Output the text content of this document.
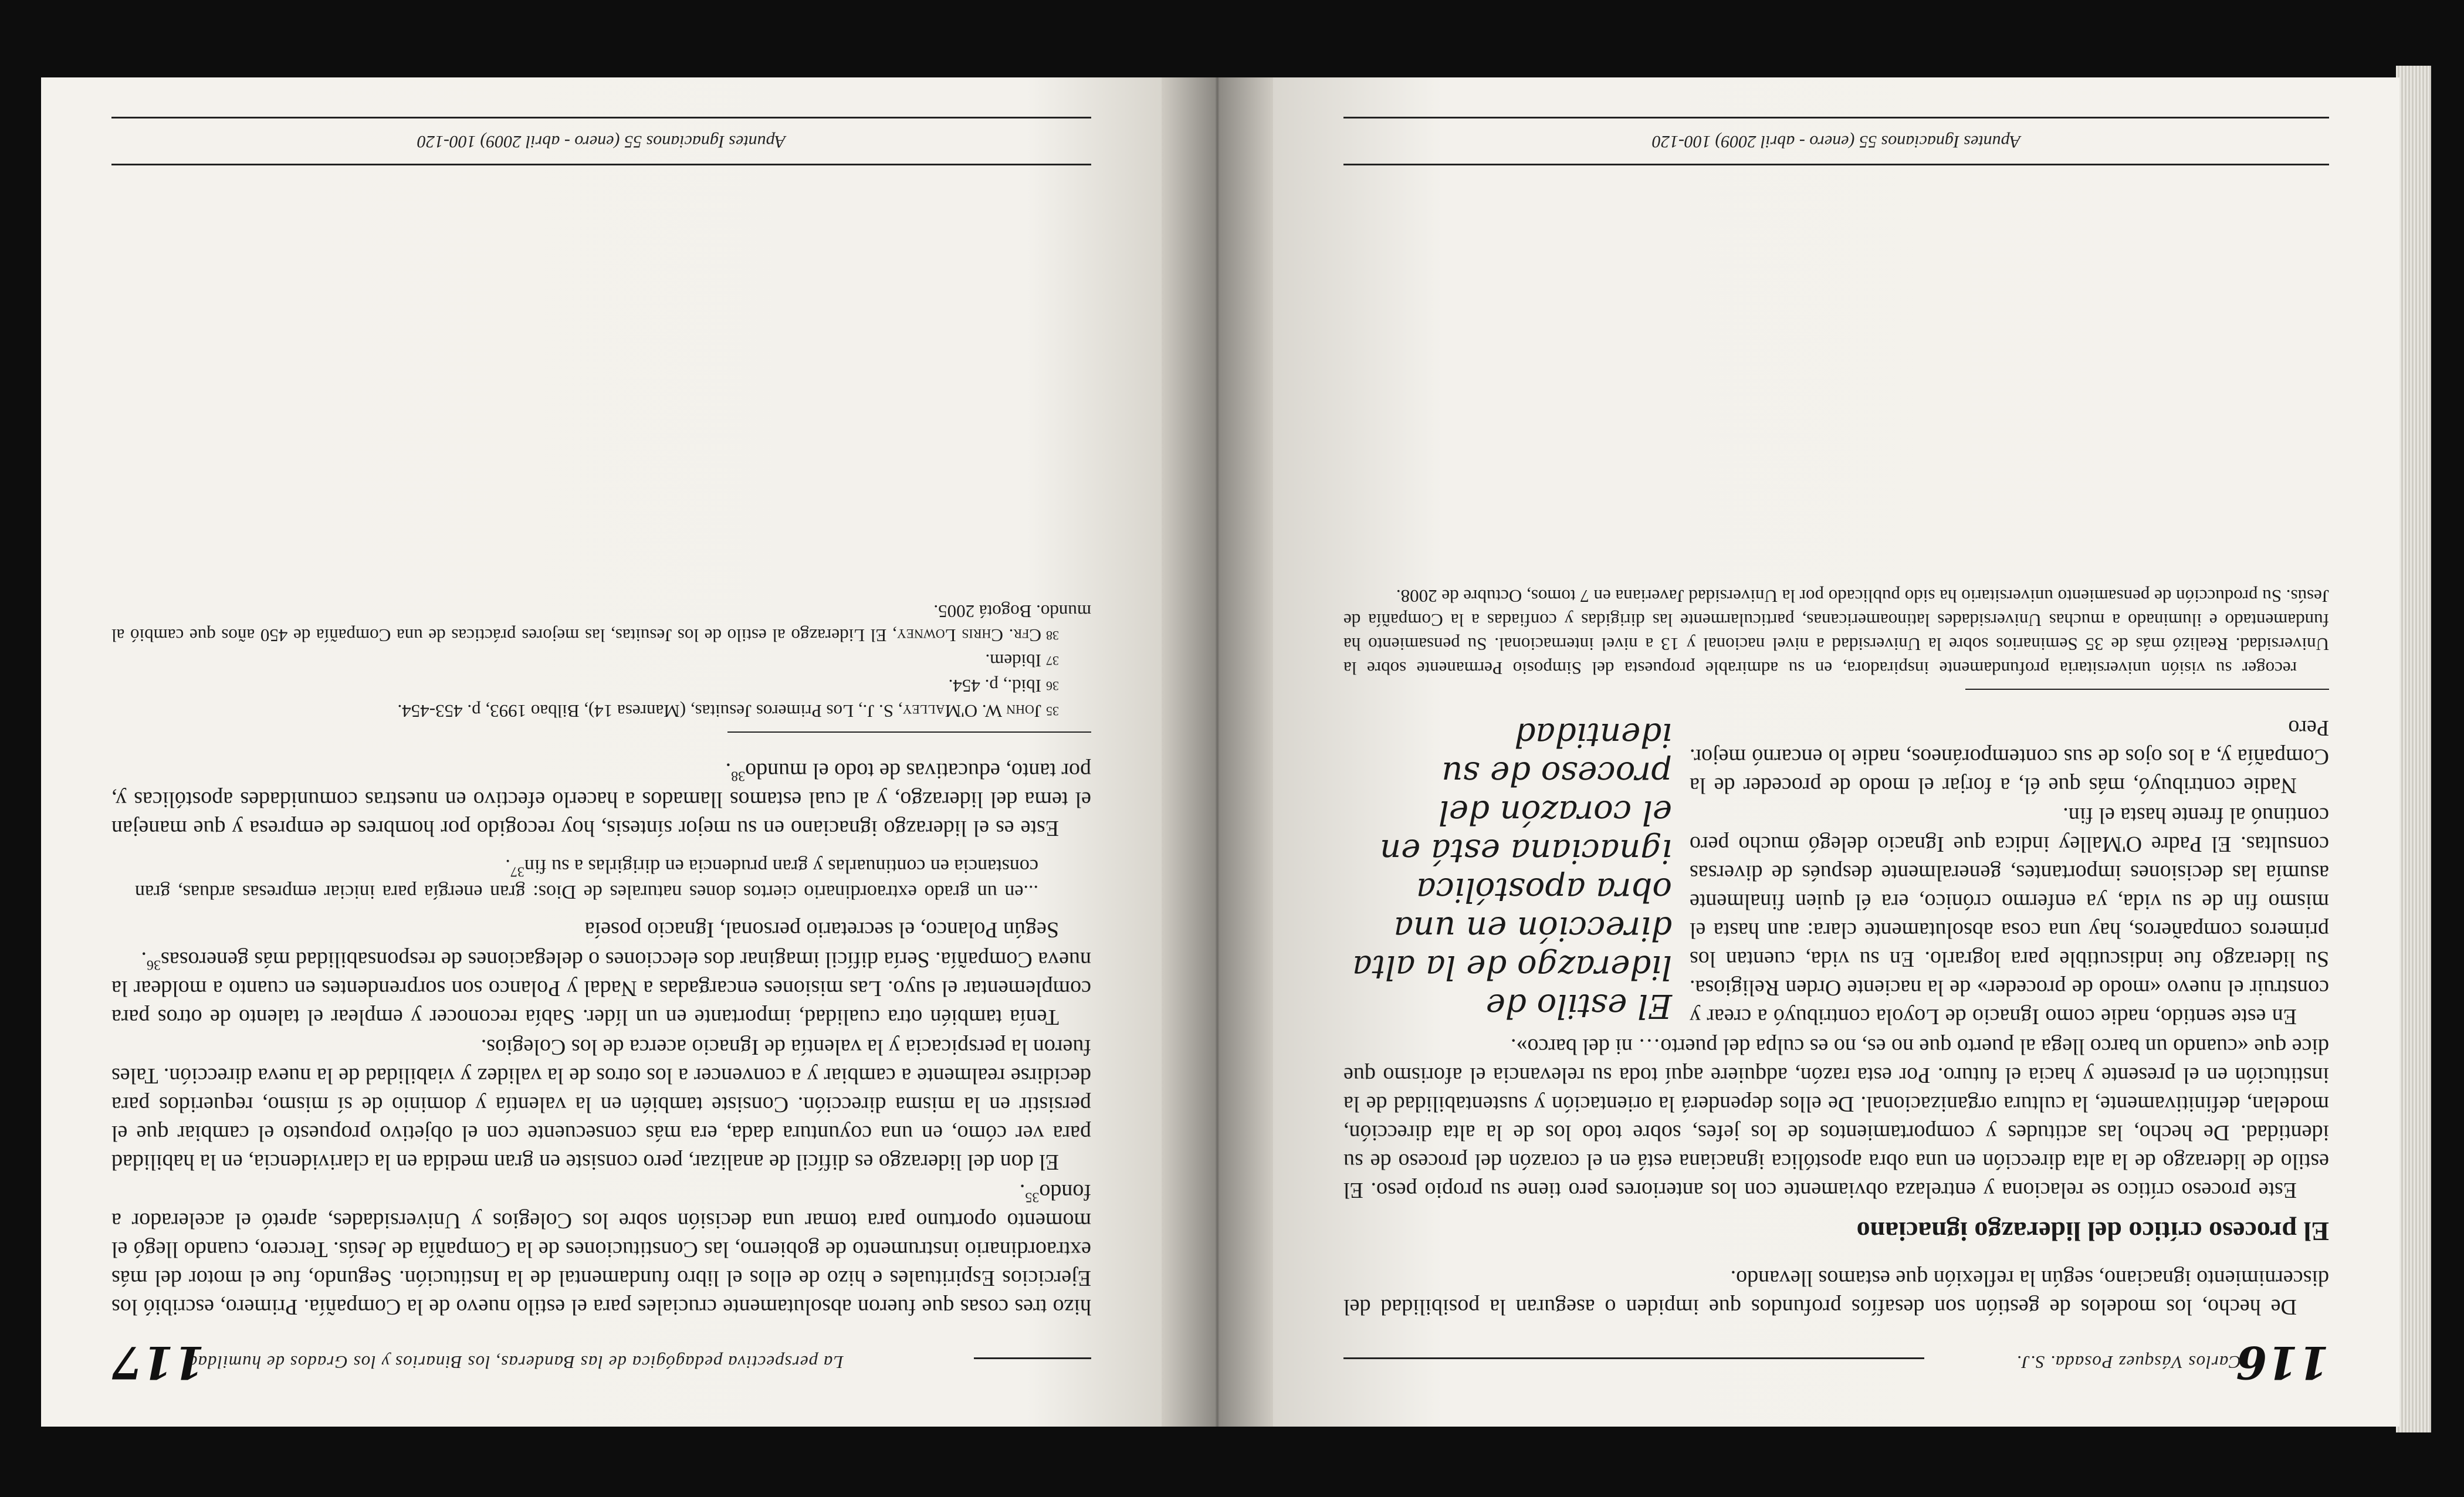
116
Carlos Vásquez Posada. S.J.

De hecho, los modelos de gestión son desafíos profundos que impiden o aseguran la posibilidad del discernimiento ignaciano, según la reflexión que estamos llevando.

El proceso crítico del liderazgo ignaciano

Este proceso crítico se relaciona y entrelaza obviamente con los anteriores pero tiene su propio peso. El estilo de liderazgo de la alta dirección en una obra apostólica ignaciana está en el corazón del proceso de su identidad. De hecho, las actitudes y comportamientos de los jefes, sobre todo los de la alta dirección, modelan, definitivamente, la cultura organizacional. De ellos dependerá la orientación y sustentabilidad de la institución en el presente y hacia el futuro. Por esta razón, adquiere aquí toda su relevancia el aforismo que dice que «cuando un barco llega al puerto que no es, no es culpa del puerto… ni del barco».

El estilo de liderazgo de la alta dirección en una obra apostólica ignaciana está en el corazón del proceso de su identidad

En este sentido, nadie como Ignacio de Loyola contribuyó a crear y construir el nuevo «modo de proceder» de la naciente Orden Religiosa. Su liderazgo fue indiscutible para lograrlo. En su vida, cuentan los primeros compañeros, hay una cosa absolutamente clara: aun hasta el mismo fin de su vida, ya enfermo crónico, era él quien finalmente asumía las decisiones importantes, generalmente después de diversas consultas. El Padre O'Malley indica que Ignacio delegó mucho pero continuó al frente hasta el fin.

Nadie contribuyó, más que él, a forjar el modo de proceder de la Compañía y, a los ojos de sus contemporáneos, nadie lo encarnó mejor. Pero

recoger su visión universitaria profundamente inspiradora, en su admirable propuesta del Simposio Permanente sobre la Universidad. Realizó más de 35 Seminarios sobre la Universidad a nivel nacional y 13 a nivel internacional. Su pensamiento ha fundamentado e iluminado a muchas Universidades latinoamericanas, particularmente las dirigidas y confiadas a la Compañía de Jesús. Su producción de pensamiento universitario ha sido publicado por la Universidad Javeriana en 7 tomos, Octubre de 2008.

Apuntes Ignacianos 55 (enero - abril 2009) 100-120
La perspectiva pedagógica de las Banderas, los Binarios y los Grados de humildad
117

hizo tres cosas que fueron absolutamente cruciales para el estilo nuevo de la Compañía. Primero, escribió los Ejercicios Espirituales e hizo de ellos el libro fundamental de la Institución. Segundo, fue el motor del más extraordinario instrumento de gobierno, las Constituciones de la Compañía de Jesús. Tercero, cuando llegó el momento oportuno para tomar una decisión sobre los Colegios y Universidades, apretó el acelerador a fondo$^{35}$.

El don del liderazgo es difícil de analizar, pero consiste en gran medida en la clarividencia, en la habilidad para ver cómo, en una coyuntura dada, era más consecuente con el objetivo propuesto el cambiar que el persistir en la misma dirección. Consiste también en la valentía y dominio de sí mismo, requeridos para decidirse realmente a cambiar y a convencer a los otros de la validez y viabilidad de la nueva dirección. Tales fueron la perspicacia y la valentía de Ignacio acerca de los Colegios.

Tenía también otra cualidad, importante en un líder. Sabía reconocer y emplear el talento de otros para complementar el suyo. Las misiones encargadas a Nadal y Polanco son sorprendentes en cuanto a moldear la nueva Compañía. Sería difícil imaginar dos elecciones o delegaciones de responsabilidad más generosas$^{36}$.

Según Polanco, el secretario personal, Ignacio poseía

...en un grado extraordinario ciertos dones naturales de Dios: gran energía para iniciar empresas arduas, gran constancia en continuarlas y gran prudencia en dirigirlas a su fin$^{37}$.

Este es el liderazgo ignaciano en su mejor síntesis, hoy recogido por hombres de empresa y que manejan el tema del liderazgo, y al cual estamos llamados a hacerlo efectivo en nuestras comunidades apostólicas y, por tanto, educativas de todo el mundo$^{38}$.

$^{35}$John W. O'Malley, S. J., Los Primeros Jesuitas, (Manresa 14), Bilbao 1993, p. 453-454.

$^{36}$Ibid., p. 454.

$^{37}$Ibidem.

$^{38}$Cfr. Chris Lowney, El Liderazgo al estilo de los Jesuitas, las mejores prácticas de una Compañía de 450 años que cambió al mundo. Bogotá 2005.

Apuntes Ignacianos 55 (enero - abril 2009) 100-120
